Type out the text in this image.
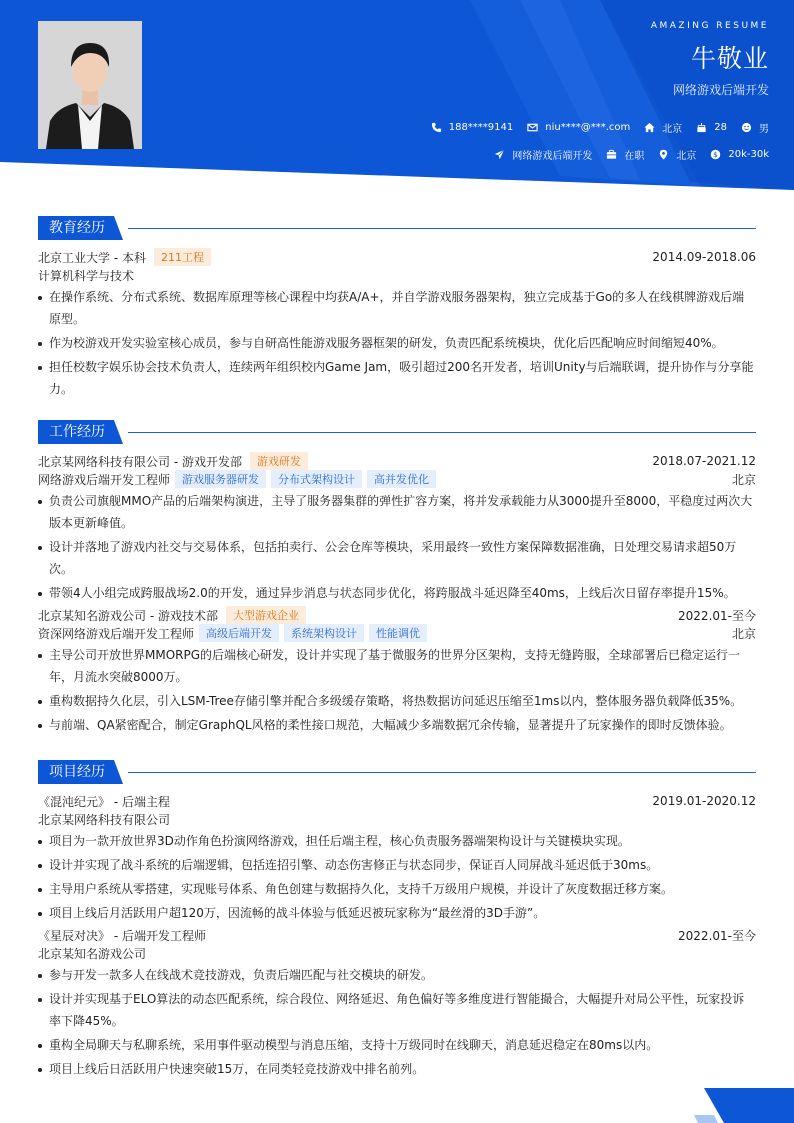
AMAZING RESUME
牛敬业
网络游戏后端开发
188****9141	niu****@***.com	北京	28	男
网络游戏后端开发	在职	北京 $ 20k-30k
教育经历
北京工业大学 - 本科	211工程	2014.09-2018.06
计算机科学与技术
在操作系统、分布式系统、数据库原理等核心课程中均获A/A+，并自学游戏服务器架构，独立完成基于Go的多人在线棋牌游戏后端原型。
作为校游戏开发实验室核心成员，参与自研高性能游戏服务器框架的研发，负责匹配系统模块，优化后匹配响应时间缩短40%。
担任校数字娱乐协会技术负责人，连续两年组织校内Game Jam，吸引超过200名开发者，培训Unity与后端联调，提升协作与分享能力。
工作经历
北京某网络科技有限公司 - 游戏开发部	游戏研发	2018.07-2021.12
网络游戏后端开发工程师	游戏服务器研发	分布式架构设计	高并发优化	北京
负责公司旗舰MMO产品的后端架构演进，主导了服务器集群的弹性扩容方案，将并发承载能力从3000提升至8000，平稳度过两次大版本更新峰值。
设计并落地了游戏内社交与交易体系，包括拍卖行、公会仓库等模块，采用最终一致性方案保障数据准确，日处理交易请求超50万次。
带领4人小组完成跨服战场2.0的开发，通过异步消息与状态同步优化，将跨服战斗延迟降至40ms，上线后次日留存率提升15%。
北京某知名游戏公司 - 游戏技术部	大型游戏企业	2022.01-至今
资深网络游戏后端开发工程师	高级后端开发	系统架构设计	性能调优	北京
主导公司开放世界MMORPG的后端核心研发，设计并实现了基于微服务的世界分区架构，支持无缝跨服，全球部署后已稳定运行一年，月流水突破8000万。
重构数据持久化层，引入LSM-Tree存储引擎并配合多级缓存策略，将热数据访问延迟压缩至1ms以内，整体服务器负载降低35%。
与前端、QA紧密配合，制定GraphQL风格的柔性接口规范，大幅减少多端数据冗余传输，显著提升了玩家操作的即时反馈体验。
项目经历
《混沌纪元》 - 后端主程	2019.01-2020.12
北京某网络科技有限公司
项目为一款开放世界3D动作角色扮演网络游戏，担任后端主程，核心负责服务器端架构设计与关键模块实现。
设计并实现了战斗系统的后端逻辑，包括连招引擎、动态伤害修正与状态同步，保证百人同屏战斗延迟低于30ms。
主导用户系统从零搭建，实现账号体系、角色创建与数据持久化，支持千万级用户规模，并设计了灰度数据迁移方案。
项目上线后月活跃用户超120万，因流畅的战斗体验与低延迟被玩家称为“最丝滑的3D手游”。
《星辰对决》 - 后端开发工程师	2022.01-至今
北京某知名游戏公司
参与开发一款多人在线战术竞技游戏，负责后端匹配与社交模块的研发。
设计并实现基于ELO算法的动态匹配系统，综合段位、网络延迟、角色偏好等多维度进行智能撮合，大幅提升对局公平性，玩家投诉率下降45%。
重构全局聊天与私聊系统，采用事件驱动模型与消息压缩，支持十万级同时在线聊天，消息延迟稳定在80ms以内。
项目上线后日活跃用户快速突破15万，在同类轻竞技游戏中排名前列。
